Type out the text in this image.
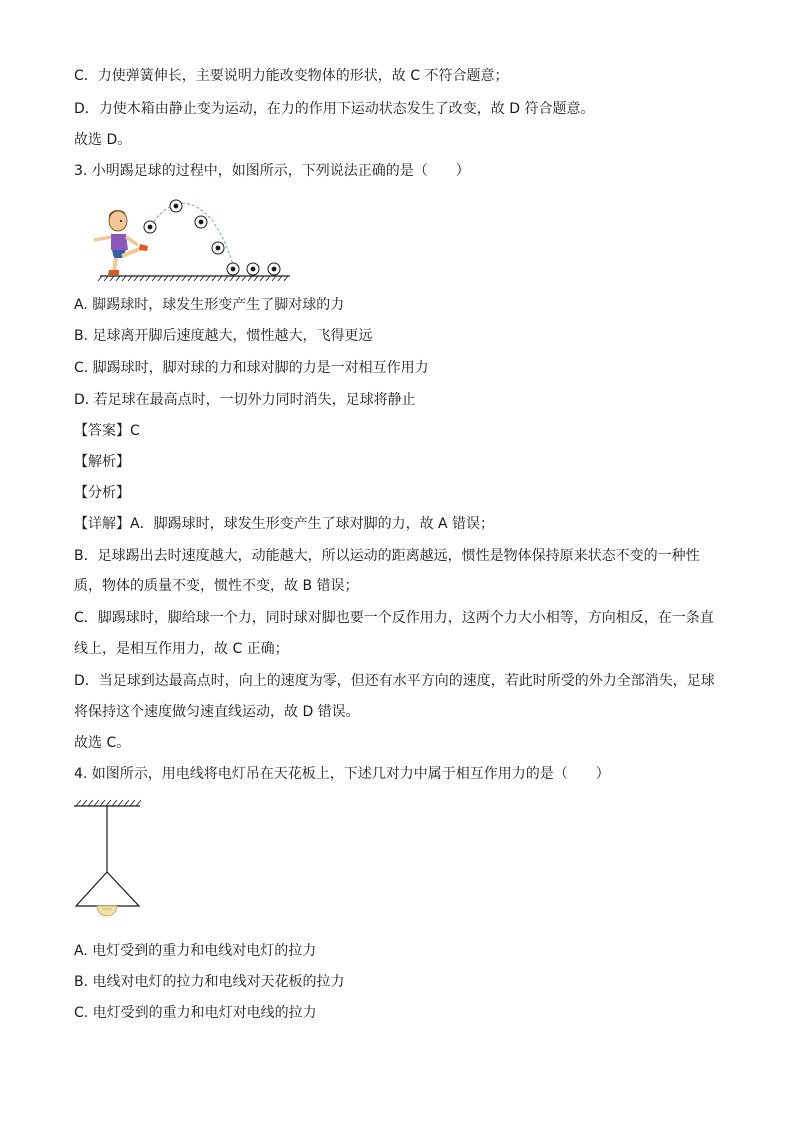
C．力使弹簧伸长，主要说明力能改变物体的形状，故 C 不符合题意；
D．力使木箱由静止变为运动，在力的作用下运动状态发生了改变，故 D 符合题意。
故选 D。
3. 小明踢足球的过程中，如图所示，下列说法正确的是（　　）
A. 脚踢球时，球发生形变产生了脚对球的力
B. 足球离开脚后速度越大，惯性越大，飞得更远
C. 脚踢球时，脚对球的力和球对脚的力是一对相互作用力
D. 若足球在最高点时，一切外力同时消失，足球将静止
【答案】C
【解析】
【分析】
【详解】A．脚踢球时，球发生形变产生了球对脚的力，故 A 错误；
B．足球踢出去时速度越大，动能越大，所以运动的距离越远，惯性是物体保持原来状态不变的一种性
质，物体的质量不变，惯性不变，故 B 错误；
C．脚踢球时，脚给球一个力，同时球对脚也要一个反作用力，这两个力大小相等，方向相反，在一条直
线上，是相互作用力，故 C 正确；
D．当足球到达最高点时，向上的速度为零，但还有水平方向的速度，若此时所受的外力全部消失，足球
将保持这个速度做匀速直线运动，故 D 错误。
故选 C。
4. 如图所示，用电线将电灯吊在天花板上，下述几对力中属于相互作用力的是（　　）
A. 电灯受到的重力和电线对电灯的拉力
B. 电线对电灯的拉力和电线对天花板的拉力
C. 电灯受到的重力和电灯对电线的拉力
